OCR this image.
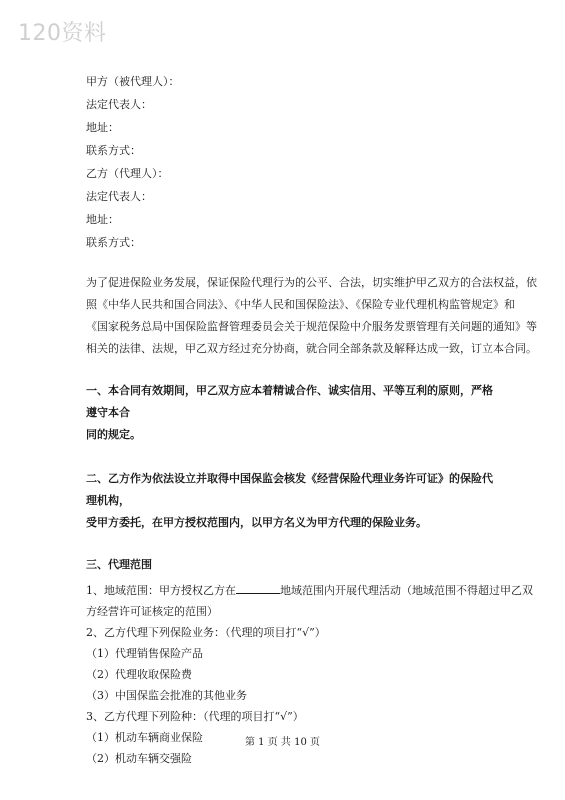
120资料
甲方（被代理人）：
法定代表人：
地址：
联系方式：
乙方（代理人）：
法定代表人：
地址：
联系方式：
为了促进保险业务发展，保证保险代理行为的公平、合法，切实维护甲乙双方的合法权益，依
照《中华人民共和国合同法》、《中华人民和国保险法》、《保险专业代理机构监管规定》和
《国家税务总局中国保险监督管理委员会关于规范保险中介服务发票管理有关问题的通知》等
相关的法律、法规，甲乙双方经过充分协商，就合同全部条款及解释达成一致，订立本合同。
一、本合同有效期间，甲乙双方应本着精诚合作、诚实信用、平等互利的原则，严格遵守本合
同的规定。
二、乙方作为依法设立并取得中国保监会核发《经营保险代理业务许可证》的保险代理机构，
受甲方委托，在甲方授权范围内，以甲方名义为甲方代理的保险业务。
三、代理范围
1、地域范围：甲方授权乙方在	地域范围内开展代理活动（地域范围不得超过甲乙双
方经营许可证核定的范围）
2、乙方代理下列保险业务：（代理的项目打“√”）
（1）代理销售保险产品
（2）代理收取保险费
（3）中国保监会批准的其他业务
3、乙方代理下列险种：（代理的项目打“√”）
（1）机动车辆商业保险
（2）机动车辆交强险
第 1 页 共 10 页
